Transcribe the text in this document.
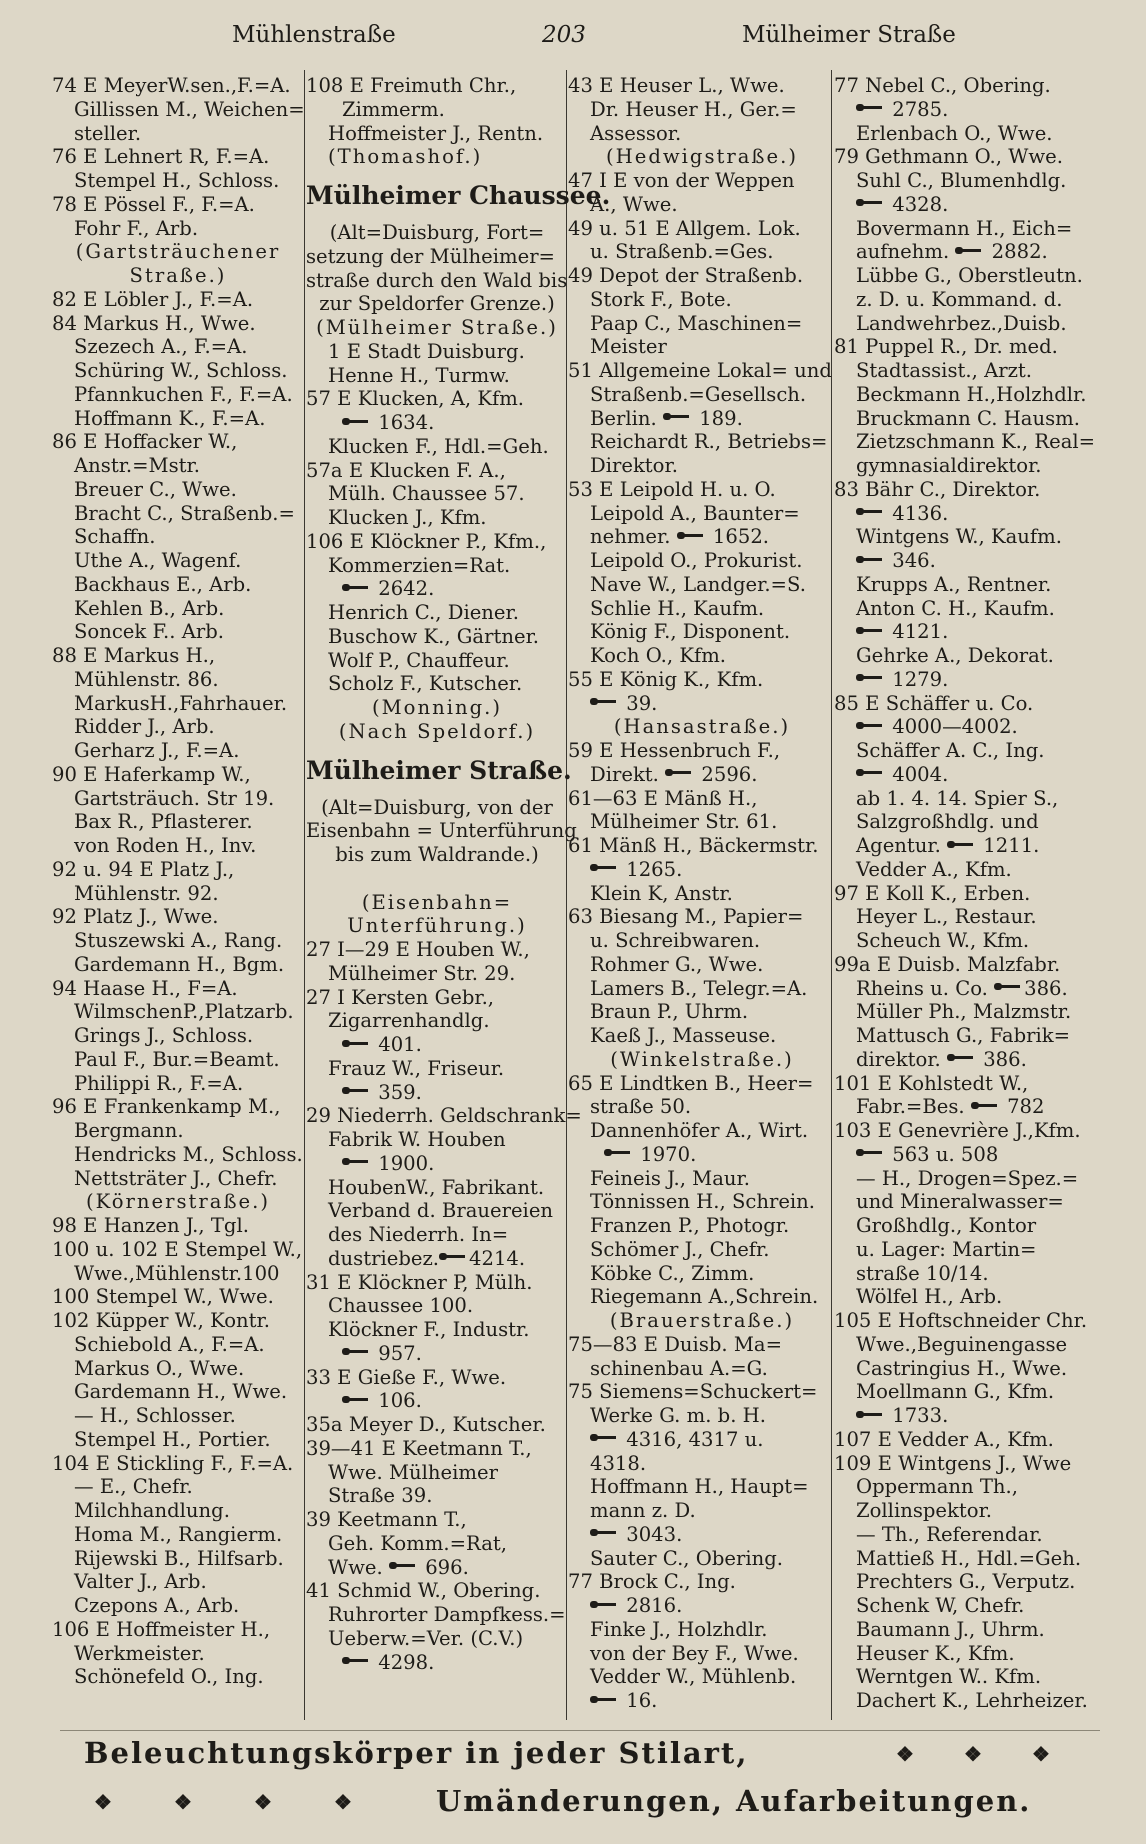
Mühlenstraße	203	Mülheimer Straße
74 E MeyerW.sen.,F.=A.
Gillissen M., Weichen=
steller.
76 E Lehnert R, F.=A.
Stempel H., Schloss.
78 E Pössel F., F.=A.
Fohr F., Arb.
(Gartsträuchener
Straße.)
82 E Löbler J., F.=A.
84 Markus H., Wwe.
Szezech A., F.=A.
Schüring W., Schloss.
Pfannkuchen F., F.=A.
Hoffmann K., F.=A.
86 E Hoffacker W.,
Anstr.=Mstr.
Breuer C., Wwe.
Bracht C., Straßenb.=
Schaffn.
Uthe A., Wagenf.
Backhaus E., Arb.
Kehlen B., Arb.
Soncek F.. Arb.
88 E Markus H.,
Mühlenstr. 86.
MarkusH.,Fahrhauer.
Ridder J., Arb.
Gerharz J., F.=A.
90 E Haferkamp W.,
Gartsträuch. Str 19.
Bax R., Pflasterer.
von Roden H., Inv.
92 u. 94 E Platz J.,
Mühlenstr. 92.
92 Platz J., Wwe.
Stuszewski A., Rang.
Gardemann H., Bgm.
94 Haase H., F=A.
WilmschenP.,Platzarb.
Grings J., Schloss.
Paul F., Bur.=Beamt.
Philippi R., F.=A.
96 E Frankenkamp M.,
Bergmann.
Hendricks M., Schloss.
Nettsträter J., Chefr.
(Körnerstraße.)
98 E Hanzen J., Tgl.
100 u. 102 E Stempel W.,
Wwe.,Mühlenstr.100
100 Stempel W., Wwe.
102 Küpper W., Kontr.
Schiebold A., F.=A.
Markus O., Wwe.
Gardemann H., Wwe.
— H., Schlosser.
Stempel H., Portier.
104 E Stickling F., F.=A.
— E., Chefr.
Milchhandlung.
Homa M., Rangierm.
Rijewski B., Hilfsarb.
Valter J., Arb.
Czepons A., Arb.
106 E Hoffmeister H.,
Werkmeister.
Schönefeld O., Ing.
108 E Freimuth Chr.,
Zimmerm.
Hoffmeister J., Rentn.
(Thomashof.)
Mülheimer Chaussee.
(Alt=Duisburg, Fort=
setzung der Mülheimer=
straße durch den Wald bis
zur Speldorfer Grenze.)
(Mülheimer Straße.)
1 E Stadt Duisburg.
Henne H., Turmw.
57 E Klucken, A, Kfm.
1634.
Klucken F., Hdl.=Geh.
57a E Klucken F. A.,
Mülh. Chaussee 57.
Klucken J., Kfm.
106 E Klöckner P., Kfm.,
Kommerzien=Rat.
2642.
Henrich C., Diener.
Buschow K., Gärtner.
Wolf P., Chauffeur.
Scholz F., Kutscher.
(Monning.)
(Nach Speldorf.)
Mülheimer Straße.
(Alt=Duisburg, von der
Eisenbahn = Unterführung
bis zum Waldrande.)

(Eisenbahn=
Unterführung.)
27 I—29 E Houben W.,
Mülheimer Str. 29.
27 I Kersten Gebr.,
Zigarrenhandlg.
401.
Frauz W., Friseur.
359.
29 Niederrh. Geldschrank=
Fabrik W. Houben
1900.
HoubenW., Fabrikant.
Verband d. Brauereien
des Niederrh. In=
dustriebez. 4214.
31 E Klöckner P, Mülh.
Chaussee 100.
Klöckner F., Industr.
957.
33 E Gieße F., Wwe.
106.
35a Meyer D., Kutscher.
39—41 E Keetmann T.,
Wwe. Mülheimer
Straße 39.
39 Keetmann T.,
Geh. Komm.=Rat,
Wwe.  696.
41 Schmid W., Obering.
Ruhrorter Dampfkess.=
Ueberw.=Ver. (C.V.)
4298.
43 E Heuser L., Wwe.
Dr. Heuser H., Ger.=
Assessor.
(Hedwigstraße.)
47 I E von der Weppen
A., Wwe.
49 u. 51 E Allgem. Lok.
u. Straßenb.=Ges.
49 Depot der Straßenb.
Stork F., Bote.
Paap C., Maschinen=
Meister
51 Allgemeine Lokal= und
Straßenb.=Gesellsch.
Berlin.  189.
Reichardt R., Betriebs=
Direktor.
53 E Leipold H. u. O.
Leipold A., Baunter=
nehmer.  1652.
Leipold O., Prokurist.
Nave W., Landger.=S.
Schlie H., Kaufm.
König F., Disponent.
Koch O., Kfm.
55 E König K., Kfm.
39.
(Hansastraße.)
59 E Hessenbruch F.,
Direkt.  2596.
61—63 E Mänß H.,
Mülheimer Str. 61.
61 Mänß H., Bäckermstr.
1265.
Klein K, Anstr.
63 Biesang M., Papier=
u. Schreibwaren.
Rohmer G., Wwe.
Lamers B., Telegr.=A.
Braun P., Uhrm.
Kaeß J., Masseuse.
(Winkelstraße.)
65 E Lindtken B., Heer=
straße 50.
Dannenhöfer A., Wirt.
1970.
Feineis J., Maur.
Tönnissen H., Schrein.
Franzen P., Photogr.
Schömer J., Chefr.
Köbke C., Zimm.
Riegemann A.,Schrein.
(Brauerstraße.)
75—83 E Duisb. Ma=
schinenbau A.=G.
75 Siemens=Schuckert=
Werke G. m. b. H.
4316, 4317 u.
4318.
Hoffmann H., Haupt=
mann z. D.
3043.
Sauter C., Obering.
77 Brock C., Ing.
2816.
Finke J., Holzhdlr.
von der Bey F., Wwe.
Vedder W., Mühlenb.
16.
77 Nebel C., Obering.
2785.
Erlenbach O., Wwe.
79 Gethmann O., Wwe.
Suhl C., Blumenhdlg.
4328.
Bovermann H., Eich=
aufnehm.  2882.
Lübbe G., Oberstleutn.
z. D. u. Kommand. d.
Landwehrbez.,Duisb.
81 Puppel R., Dr. med.
Stadtassist., Arzt.
Beckmann H.,Holzhdlr.
Bruckmann C. Hausm.
Zietzschmann K., Real=
gymnasialdirektor.
83 Bähr C., Direktor.
4136.
Wintgens W., Kaufm.
346.
Krupps A., Rentner.
Anton C. H., Kaufm.
4121.
Gehrke A., Dekorat.
1279.
85 E Schäffer u. Co.
4000—4002.
Schäffer A. C., Ing.
4004.
ab 1. 4. 14. Spier S.,
Salzgroßhdlg. und
Agentur.  1211.
Vedder A., Kfm.
97 E Koll K., Erben.
Heyer L., Restaur.
Scheuch W., Kfm.
99a E Duisb. Malzfabr.
Rheins u. Co. 386.
Müller Ph., Malzmstr.
Mattusch G., Fabrik=
direktor.  386.
101 E Kohlstedt W.,
Fabr.=Bes.  782
103 E Genevrière J.,Kfm.
563 u. 508
— H., Drogen=Spez.=
und Mineralwasser=
Großhdlg., Kontor
u. Lager: Martin=
straße 10/14.
Wölfel H., Arb.
105 E Hoftschneider Chr.
Wwe.,Beguinengasse
Castringius H., Wwe.
Moellmann G., Kfm.
1733.
107 E Vedder A., Kfm.
109 E Wintgens J., Wwe
Oppermann Th.,
Zollinspektor.
— Th., Referendar.
Mattieß H., Hdl.=Geh.
Prechters G., Verputz.
Schenk W, Chefr.
Baumann J., Uhrm.
Heuser K., Kfm.
Werntgen W.. Kfm.
Dachert K., Lehrheizer.
Beleuchtungskörper in jeder Stilart,	❖ ❖ ❖
❖	❖	❖	❖	Umänderungen, Aufarbeitungen.
